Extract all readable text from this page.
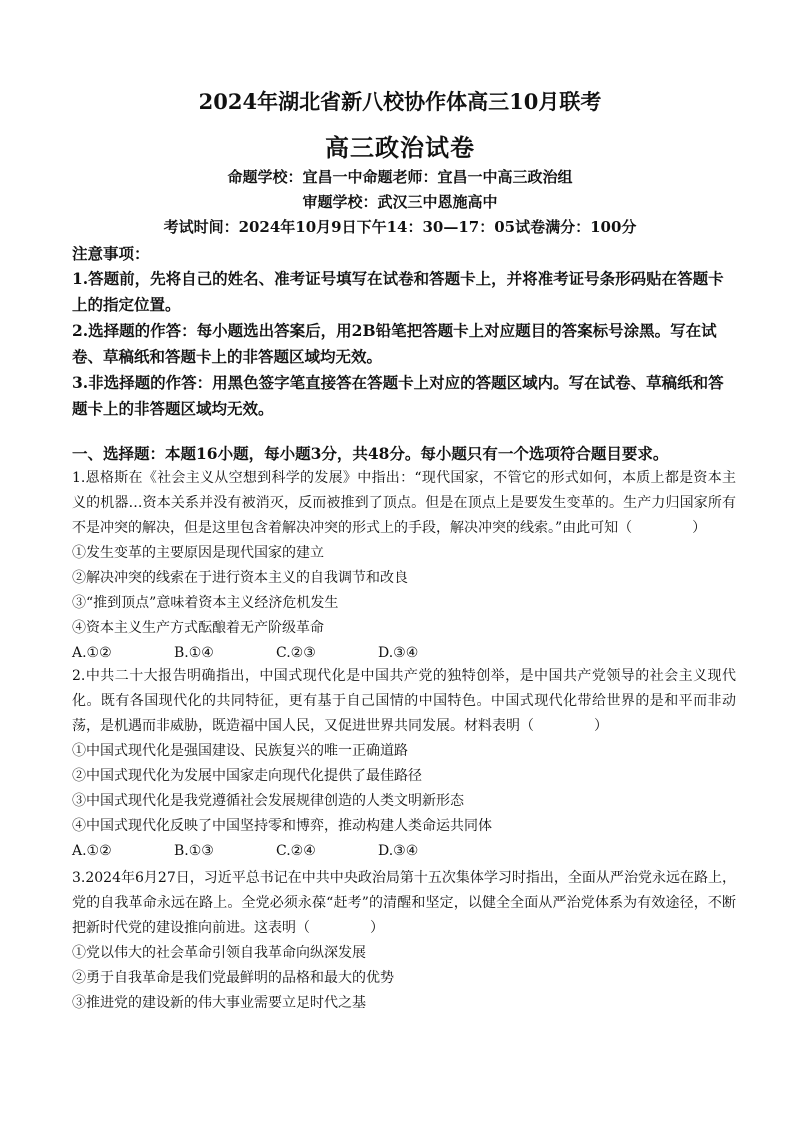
2024年湖北省新八校协作体高三10月联考
高三政治试卷
命题学校：宜昌一中命题老师：宜昌一中高三政治组
审题学校：武汉三中恩施高中
考试时间：2024年10月9日下午14：30—17：05试卷满分：100分

注意事项：

1.答题前，先将自己的姓名、准考证号填写在试卷和答题卡上，并将准考证号条形码贴在答题卡上的指定位置。

2.选择题的作答：每小题选出答案后，用2B铅笔把答题卡上对应题目的答案标号涂黑。写在试卷、草稿纸和答题卡上的非答题区域均无效。

3.非选择题的作答：用黑色签字笔直接答在答题卡上对应的答题区域内。写在试卷、草稿纸和答题卡上的非答题区域均无效。

一、选择题：本题16小题，每小题3分，共48分。每小题只有一个选项符合题目要求。

1.恩格斯在《社会主义从空想到科学的发展》中指出：“现代国家，不管它的形式如何，本质上都是资本主义的机器…资本关系并没有被消灭，反而被推到了顶点。但是在顶点上是要发生变革的。生产力归国家所有不是冲突的解决，但是这里包含着解决冲突的形式上的手段，解决冲突的线索。”由此可知（	）
①发生变革的主要原因是现代国家的建立
②解决冲突的线索在于进行资本主义的自我调节和改良
③“推到顶点”意味着资本主义经济危机发生
④资本主义生产方式酝酿着无产阶级革命
A.①②	B.①④	C.②③	D.③④
2.中共二十大报告明确指出，中国式现代化是中国共产党的独特创举，是中国共产党领导的社会主义现代化。既有各国现代化的共同特征，更有基于自己国情的中国特色。中国式现代化带给世界的是和平而非动荡，是机遇而非威胁，既造福中国人民，又促进世界共同发展。材料表明（	）
①中国式现代化是强国建设、民族复兴的唯一正确道路
②中国式现代化为发展中国家走向现代化提供了最佳路径
③中国式现代化是我党遵循社会发展规律创造的人类文明新形态
④中国式现代化反映了中国坚持零和博弈，推动构建人类命运共同体
A.①②	B.①③	C.②④	D.③④
3.2024年6月27日，习近平总书记在中共中央政治局第十五次集体学习时指出，全面从严治党永远在路上，党的自我革命永远在路上。全党必须永葆“赶考”的清醒和坚定，以健全全面从严治党体系为有效途径，不断把新时代党的建设推向前进。这表明（	）
①党以伟大的社会革命引领自我革命向纵深发展
②勇于自我革命是我们党最鲜明的品格和最大的优势
③推进党的建设新的伟大事业需要立足时代之基
